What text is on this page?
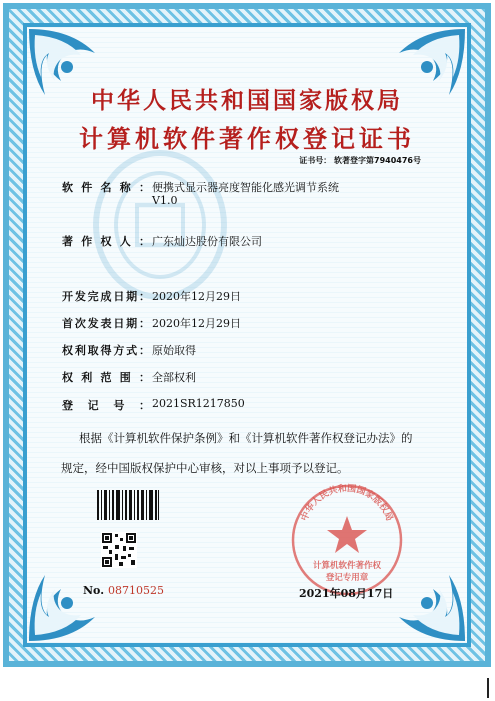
中华人民共和国国家版权局
计算机软件著作权登记证书
证书号： 软著登字第7940476号
软件名称： 便携式显示器亮度智能化感光调节系统
V1.0
著作权人： 广东灿达股份有限公司
开发完成日期： 2020年12月29日
首次发表日期： 2020年12月29日
权利取得方式： 原始取得
权利范围： 全部权利
登记号： 2021SR1217850
根据《计算机软件保护条例》和《计算机软件著作权登记办法》的
规定，经中国版权保护中心审核，对以上事项予以登记。
No. 08710525
中华人民共和国国家版权局
计算机软件著作权
登记专用章
2021年08月17日
